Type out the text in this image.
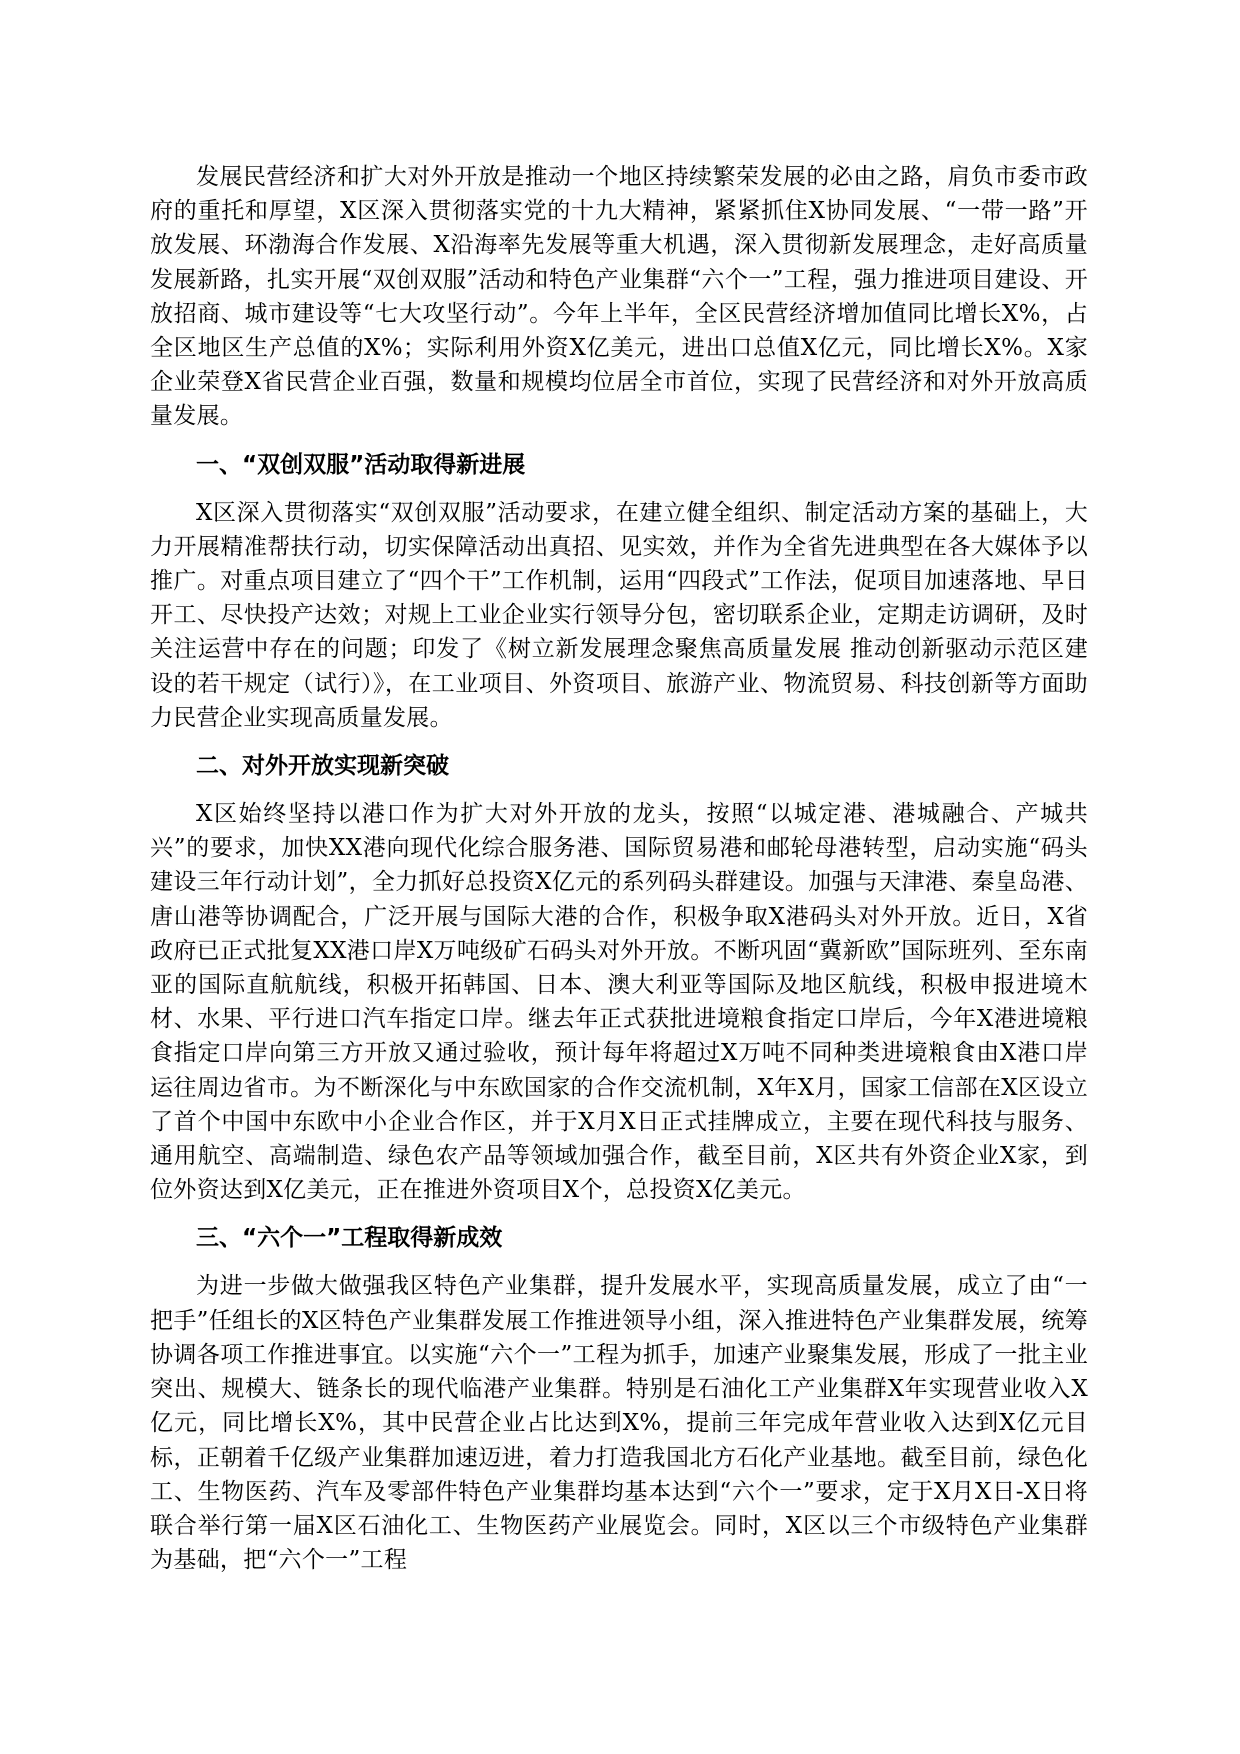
发展民营经济和扩大对外开放是推动一个地区持续繁荣发展的必由之路，肩负市委市政府的重托和厚望，X区深入贯彻落实党的十九大精神，紧紧抓住X协同发展、“一带一路”开放发展、环渤海合作发展、X沿海率先发展等重大机遇，深入贯彻新发展理念，走好高质量发展新路，扎实开展“双创双服”活动和特色产业集群“六个一”工程，强力推进项目建设、开放招商、城市建设等“七大攻坚行动”。今年上半年，全区民营经济增加值同比增长X%，占全区地区生产总值的X%；实际利用外资X亿美元，进出口总值X亿元，同比增长X%。X家企业荣登X省民营企业百强，数量和规模均位居全市首位，实现了民营经济和对外开放高质量发展。

一、“双创双服”活动取得新进展

X区深入贯彻落实“双创双服”活动要求，在建立健全组织、制定活动方案的基础上，大力开展精准帮扶行动，切实保障活动出真招、见实效，并作为全省先进典型在各大媒体予以推广。对重点项目建立了“四个干”工作机制，运用“四段式”工作法，促项目加速落地、早日开工、尽快投产达效；对规上工业企业实行领导分包，密切联系企业，定期走访调研，及时关注运营中存在的问题；印发了《树立新发展理念聚焦高质量发展 推动创新驱动示范区建设的若干规定（试行）》，在工业项目、外资项目、旅游产业、物流贸易、科技创新等方面助力民营企业实现高质量发展。

二、对外开放实现新突破

X区始终坚持以港口作为扩大对外开放的龙头，按照“以城定港、港城融合、产城共兴”的要求，加快XX港向现代化综合服务港、国际贸易港和邮轮母港转型，启动实施“码头建设三年行动计划”，全力抓好总投资X亿元的系列码头群建设。加强与天津港、秦皇岛港、唐山港等协调配合，广泛开展与国际大港的合作，积极争取X港码头对外开放。近日，X省政府已正式批复XX港口岸X万吨级矿石码头对外开放。不断巩固“冀新欧”国际班列、至东南亚的国际直航航线，积极开拓韩国、日本、澳大利亚等国际及地区航线，积极申报进境木材、水果、平行进口汽车指定口岸。继去年正式获批进境粮食指定口岸后，今年X港进境粮食指定口岸向第三方开放又通过验收，预计每年将超过X万吨不同种类进境粮食由X港口岸运往周边省市。为不断深化与中东欧国家的合作交流机制，X年X月，国家工信部在X区设立了首个中国中东欧中小企业合作区，并于X月X日正式挂牌成立，主要在现代科技与服务、通用航空、高端制造、绿色农产品等领域加强合作，截至目前，X区共有外资企业X家，到位外资达到X亿美元，正在推进外资项目X个，总投资X亿美元。

三、“六个一”工程取得新成效

为进一步做大做强我区特色产业集群，提升发展水平，实现高质量发展，成立了由“一把手”任组长的X区特色产业集群发展工作推进领导小组，深入推进特色产业集群发展，统筹协调各项工作推进事宜。以实施“六个一”工程为抓手，加速产业聚集发展，形成了一批主业突出、规模大、链条长的现代临港产业集群。特别是石油化工产业集群X年实现营业收入X亿元，同比增长X%，其中民营企业占比达到X%，提前三年完成年营业收入达到X亿元目标，正朝着千亿级产业集群加速迈进，着力打造我国北方石化产业基地。截至目前，绿色化工、生物医药、汽车及零部件特色产业集群均基本达到“六个一”要求，定于X月X日-X日将联合举行第一届X区石油化工、生物医药产业展览会。同时，X区以三个市级特色产业集群为基础，把“六个一”工程
